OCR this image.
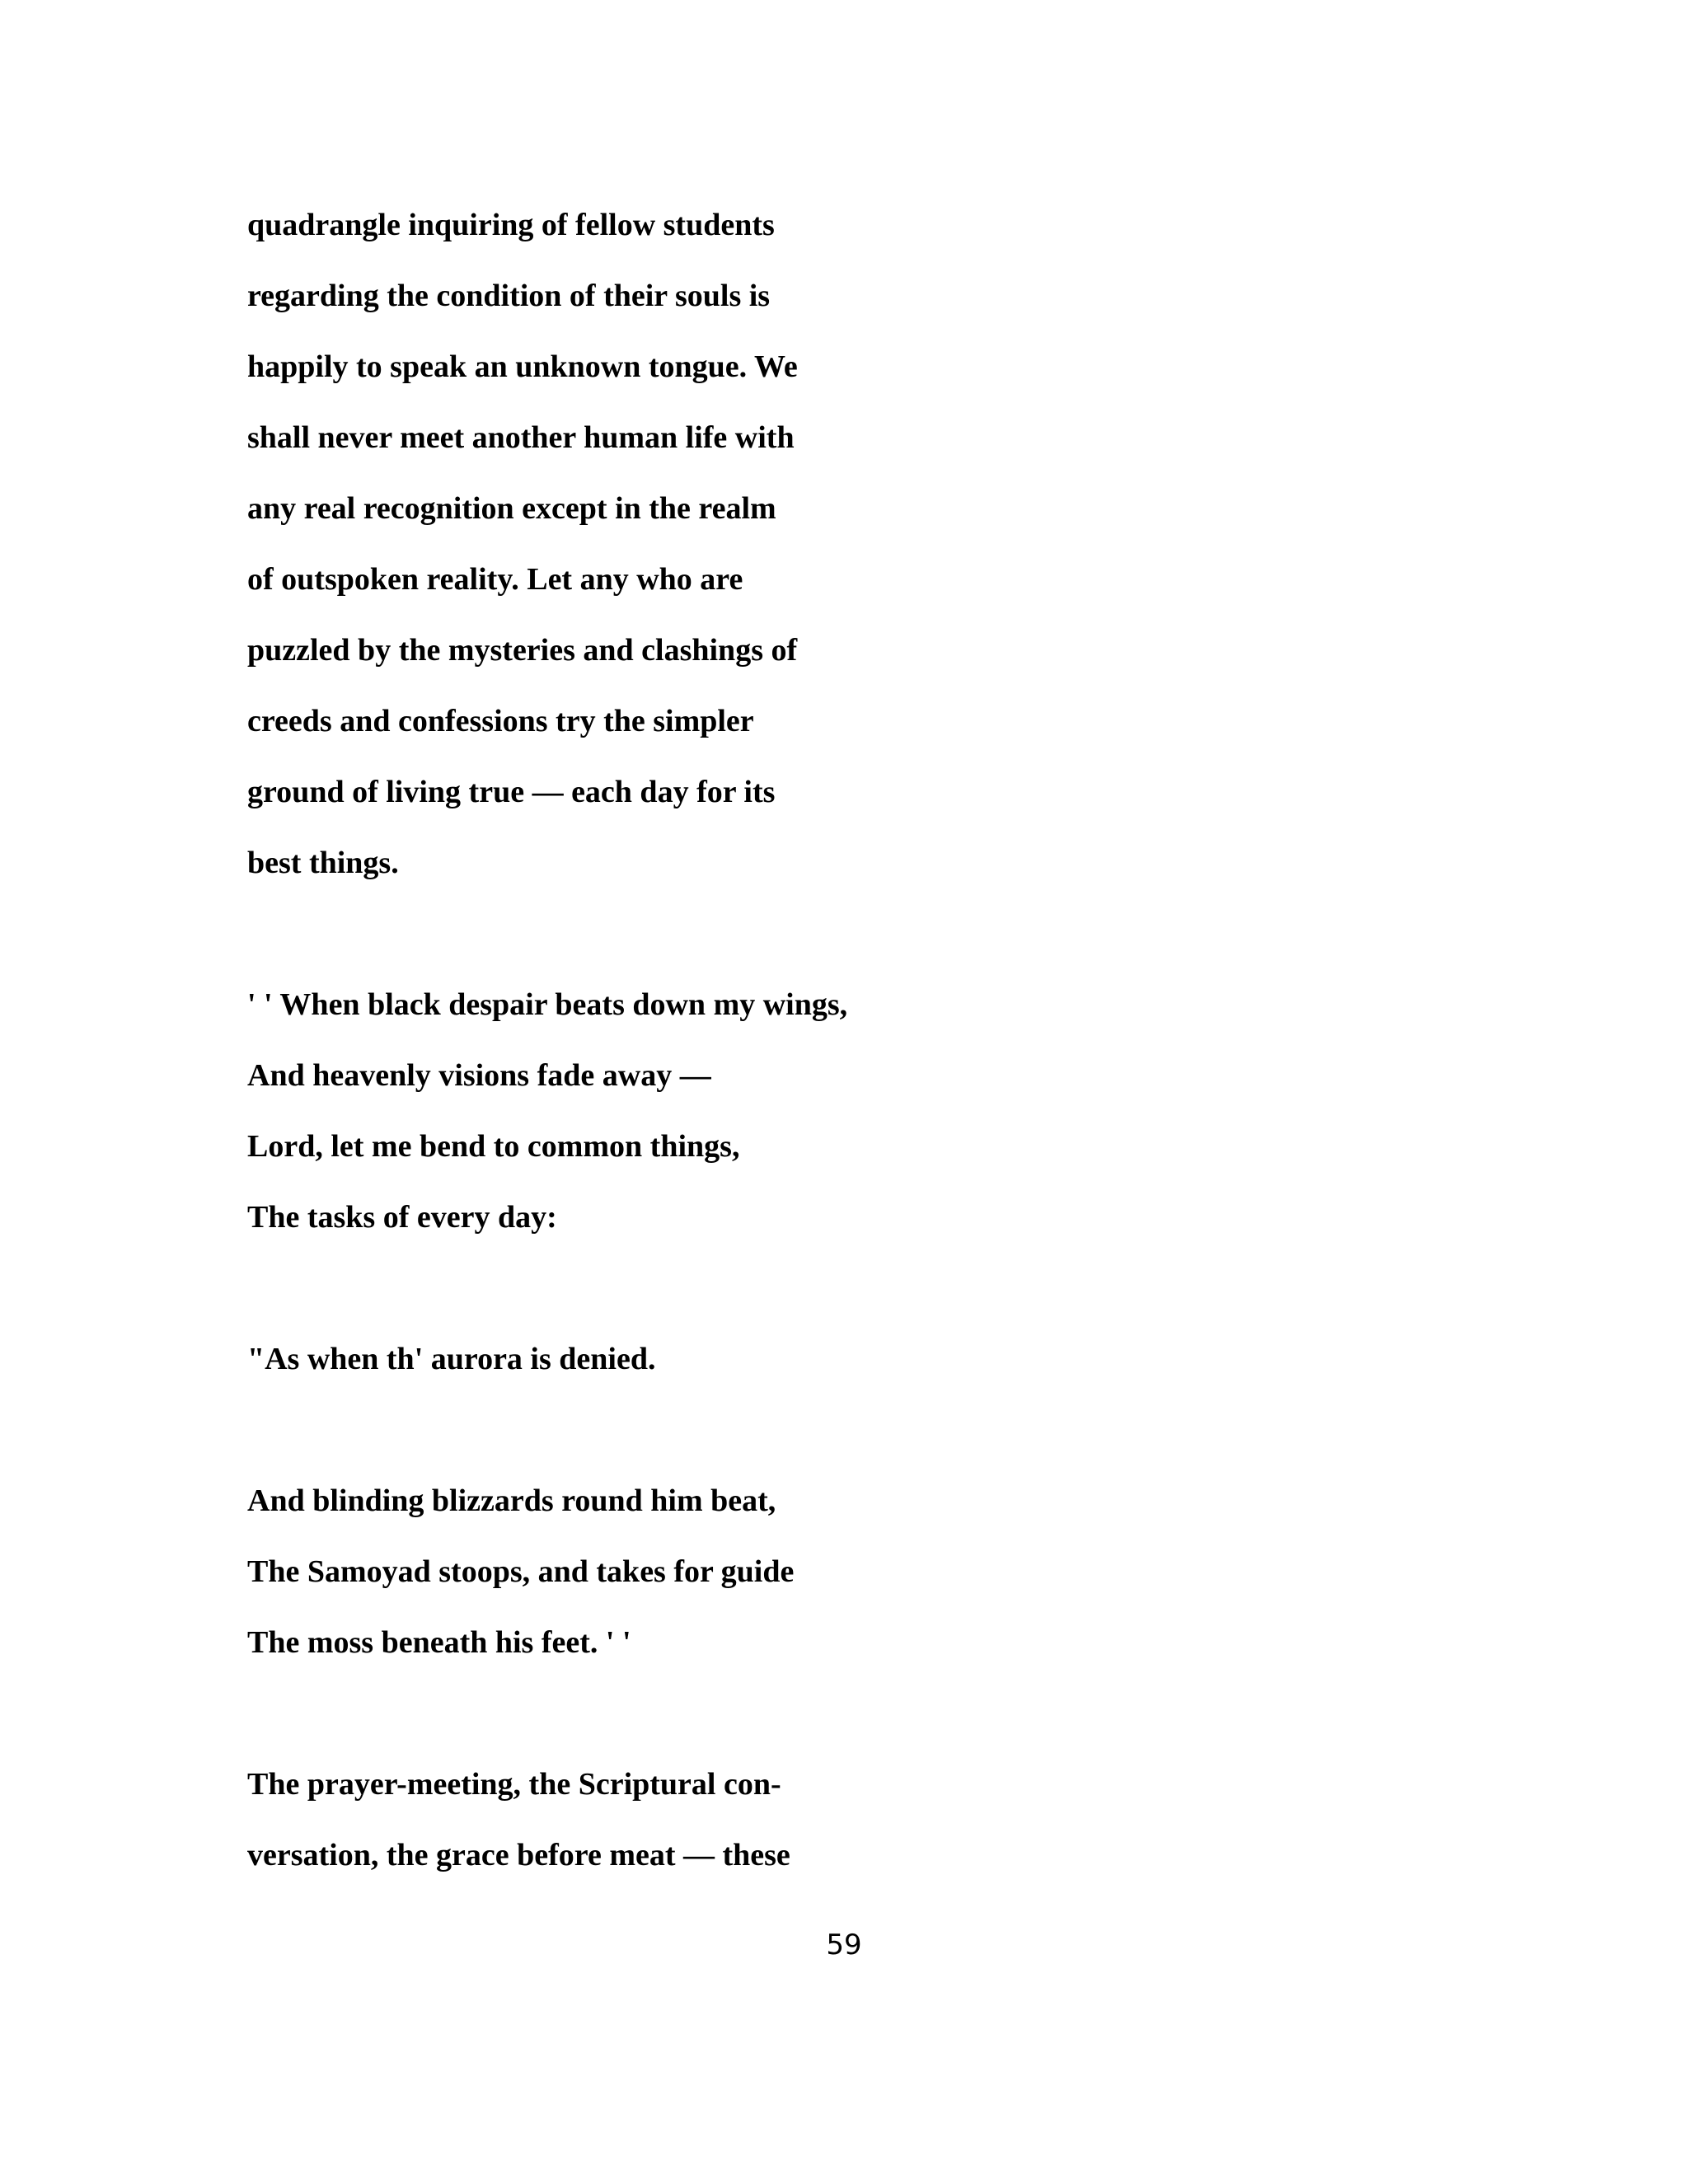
quadrangle inquiring of fellow students
regarding the condition of their souls is
happily to speak an unknown tongue. We
shall never meet another human life with
any real recognition except in the realm
of outspoken reality. Let any who are
puzzled by the mysteries and clashings of
creeds and confessions try the simpler
ground of living true — each day for its
best things.
' ' When black despair beats down my wings,
And heavenly visions fade away —
Lord, let me bend to common things,
The tasks of every day:
"As when th' aurora is denied.
And blinding blizzards round him beat,
The Samoyad stoops, and takes for guide
The moss beneath his feet. ' '
The prayer-meeting, the Scriptural con-
versation, the grace before meat — these
59
